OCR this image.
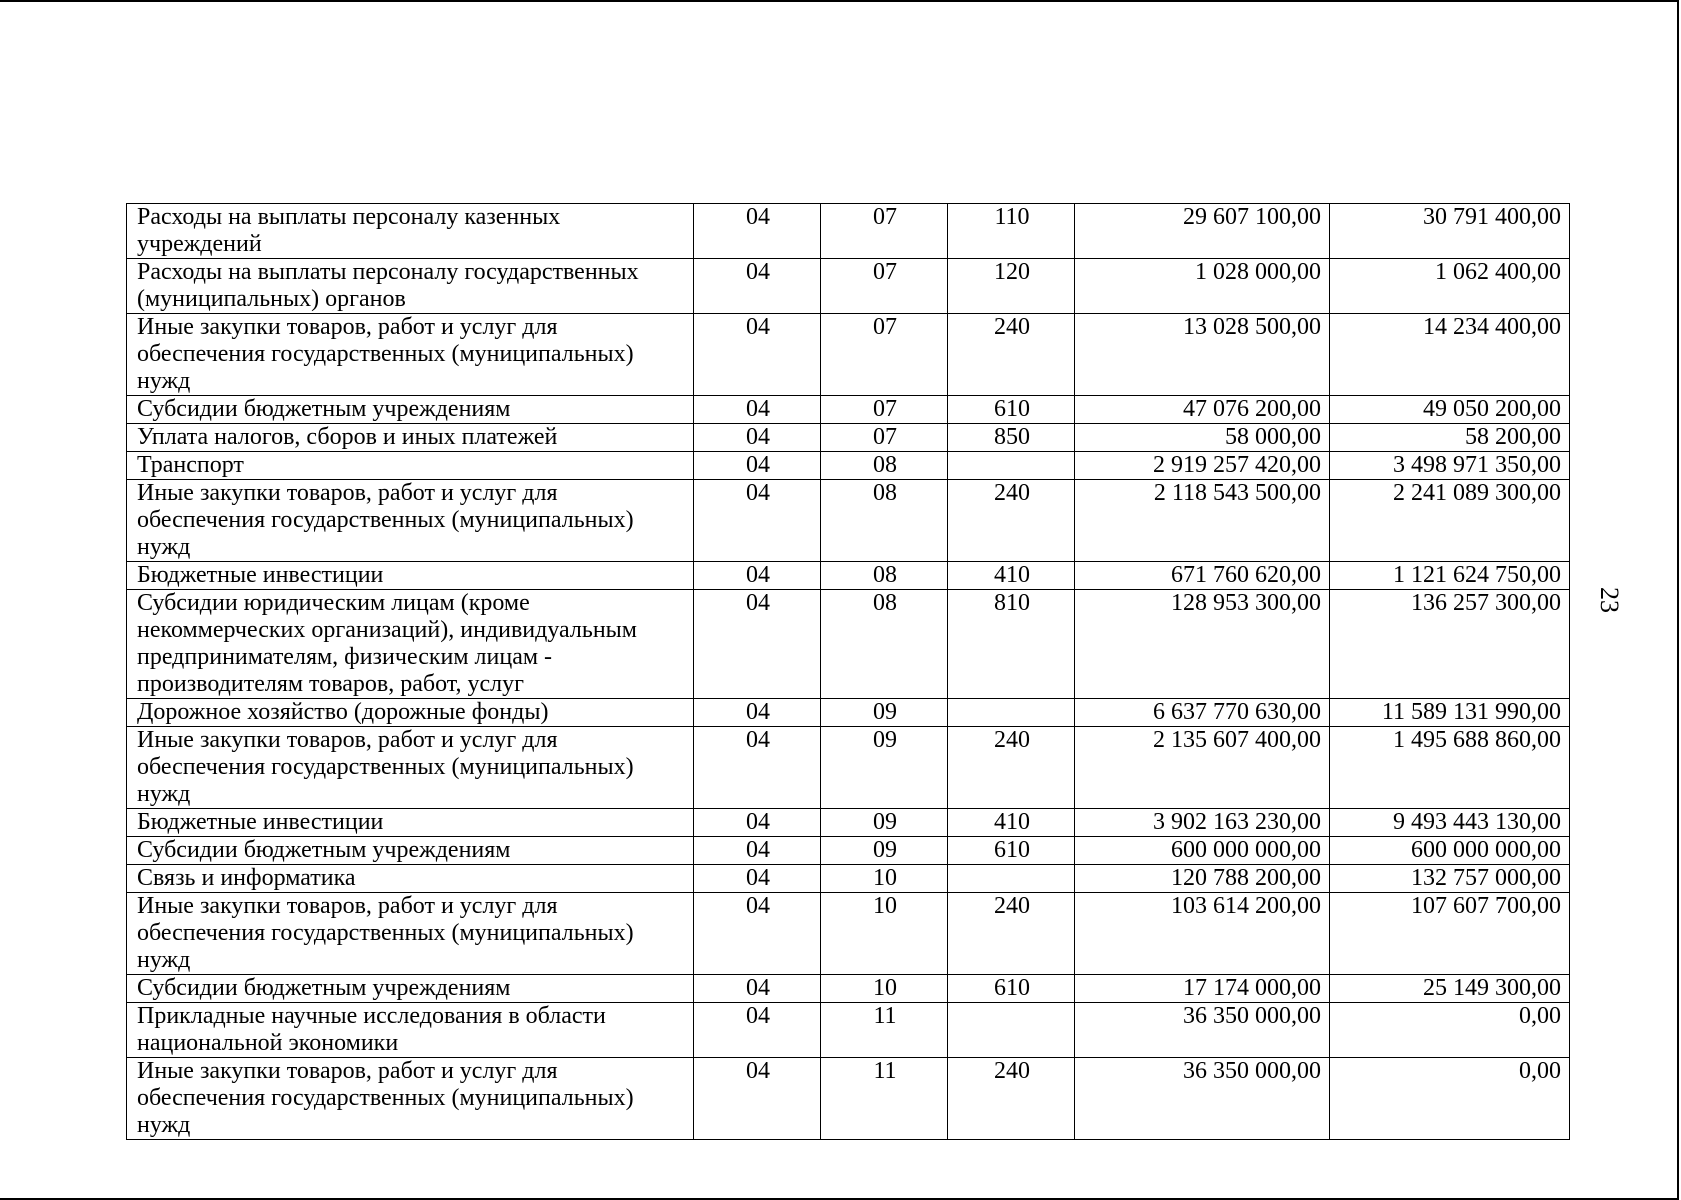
Расходы на выплаты персоналу казенных учреждений	04	07	110	29 607 100,00	30 791 400,00
Расходы на выплаты персоналу государственных (муниципальных) органов	04	07	120	1 028 000,00	1 062 400,00
Иные закупки товаров, работ и услуг для обеспечения государственных (муниципальных) нужд	04	07	240	13 028 500,00	14 234 400,00
Субсидии бюджетным учреждениям	04	07	610	47 076 200,00	49 050 200,00
Уплата налогов, сборов и иных платежей	04	07	850	58 000,00	58 200,00
Транспорт	04	08		2 919 257 420,00	3 498 971 350,00
Иные закупки товаров, работ и услуг для обеспечения государственных (муниципальных) нужд	04	08	240	2 118 543 500,00	2 241 089 300,00
Бюджетные инвестиции	04	08	410	671 760 620,00	1 121 624 750,00
Субсидии юридическим лицам (кроме некоммерческих организаций), индивидуальным предпринимателям, физическим лицам - производителям товаров, работ, услуг	04	08	810	128 953 300,00	136 257 300,00
Дорожное хозяйство (дорожные фонды)	04	09		6 637 770 630,00	11 589 131 990,00
Иные закупки товаров, работ и услуг для обеспечения государственных (муниципальных) нужд	04	09	240	2 135 607 400,00	1 495 688 860,00
Бюджетные инвестиции	04	09	410	3 902 163 230,00	9 493 443 130,00
Субсидии бюджетным учреждениям	04	09	610	600 000 000,00	600 000 000,00
Связь и информатика	04	10		120 788 200,00	132 757 000,00
Иные закупки товаров, работ и услуг для обеспечения государственных (муниципальных) нужд	04	10	240	103 614 200,00	107 607 700,00
Субсидии бюджетным учреждениям	04	10	610	17 174 000,00	25 149 300,00
Прикладные научные исследования в области национальной экономики	04	11		36 350 000,00	0,00
Иные закупки товаров, работ и услуг для обеспечения государственных (муниципальных) нужд	04	11	240	36 350 000,00	0,00
23
